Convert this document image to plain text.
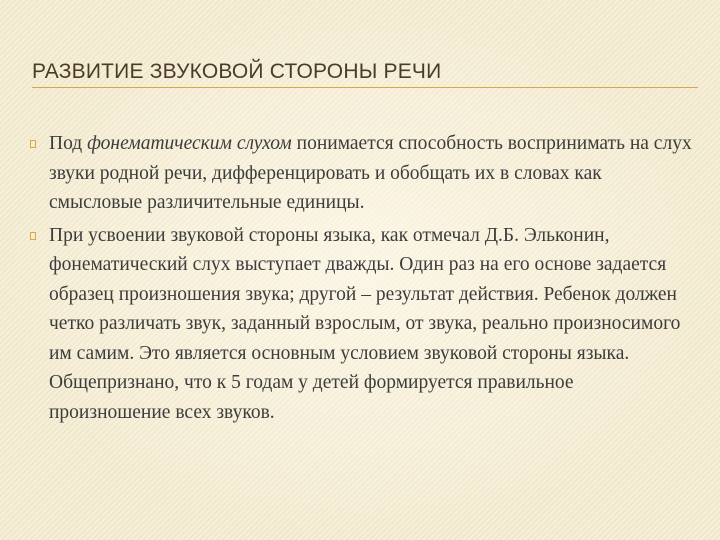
РАЗВИТИЕ ЗВУКОВОЙ СТОРОНЫ РЕЧИ

Под фонематическим слухом понимается способность воспринимать на слух звуки родной речи, дифференцировать и обобщать их в словах как смысловые различительные единицы.

При усвоении звуковой стороны языка, как отмечал Д.Б. Эльконин, фонематический слух выступает дважды. Один раз на его основе задается образец произношения звука; другой – результат действия. Ребенок должен четко различать звук, заданный взрослым, от звука, реально произносимого им самим. Это является основным условием звуковой стороны языка. Общепризнано, что к 5 годам у детей формируется правильное произношение всех звуков.
